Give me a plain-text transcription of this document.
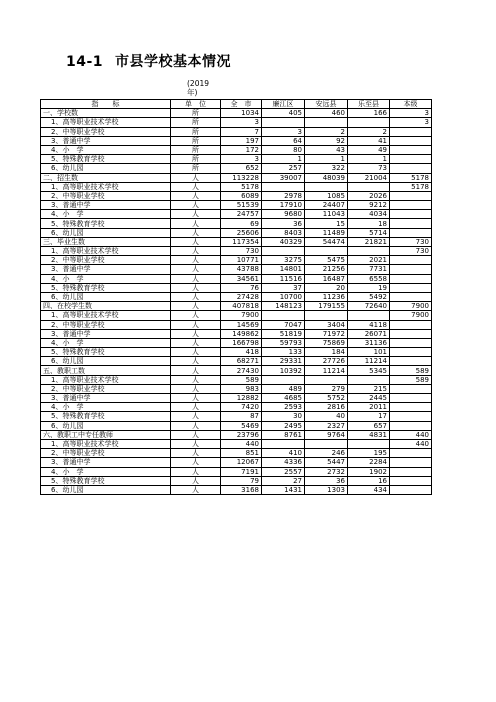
14-1 市县学校基本情况
(2019年)
指　　标	单　位	全　市	廉江区	安远县	乐至县	本级
一、学校数	所	1034	405	460	166	3
1、高等职业技术学校	所	3				3
2、中等职业学校	所	7	3	2	2	
3、普通中学	所	197	64	92	41	
4、小　学	所	172	80	43	49	
5、特殊教育学校	所	3	1	1	1	
6、幼儿园	所	652	257	322	73	
二、招生数	人	113228	39007	48039	21004	5178
1、高等职业技术学校	人	5178				5178
2、中等职业学校	人	6089	2978	1085	2026	
3、普通中学	人	51539	17910	24407	9212	
4、小　学	人	24757	9680	11043	4034	
5、特殊教育学校	人	69	36	15	18	
6、幼儿园	人	25606	8403	11489	5714	
三、毕业生数	人	117354	40329	54474	21821	730
1、高等职业技术学校	人	730				730
2、中等职业学校	人	10771	3275	5475	2021	
3、普通中学	人	43788	14801	21256	7731	
4、小　学	人	34561	11516	16487	6558	
5、特殊教育学校	人	76	37	20	19	
6、幼儿园	人	27428	10700	11236	5492	
四、在校学生数	人	407818	148123	179155	72640	7900
1、高等职业技术学校	人	7900				7900
2、中等职业学校	人	14569	7047	3404	4118	
3、普通中学	人	149862	51819	71972	26071	
4、小　学	人	166798	59793	75869	31136	
5、特殊教育学校	人	418	133	184	101	
6、幼儿园	人	68271	29331	27726	11214	
五、教职工数	人	27430	10392	11214	5345	589
1、高等职业技术学校	人	589				589
2、中等职业学校	人	983	489	279	215	
3、普通中学	人	12882	4685	5752	2445	
4、小　学	人	7420	2593	2816	2011	
5、特殊教育学校	人	87	30	40	17	
6、幼儿园	人	5469	2495	2327	657	
六、教职工中专任教师	人	23796	8761	9764	4831	440
1、高等职业技术学校	人	440				440
2、中等职业学校	人	851	410	246	195	
3、普通中学	人	12067	4336	5447	2284	
4、小　学	人	7191	2557	2732	1902	
5、特殊教育学校	人	79	27	36	16	
6、幼儿园	人	3168	1431	1303	434	
